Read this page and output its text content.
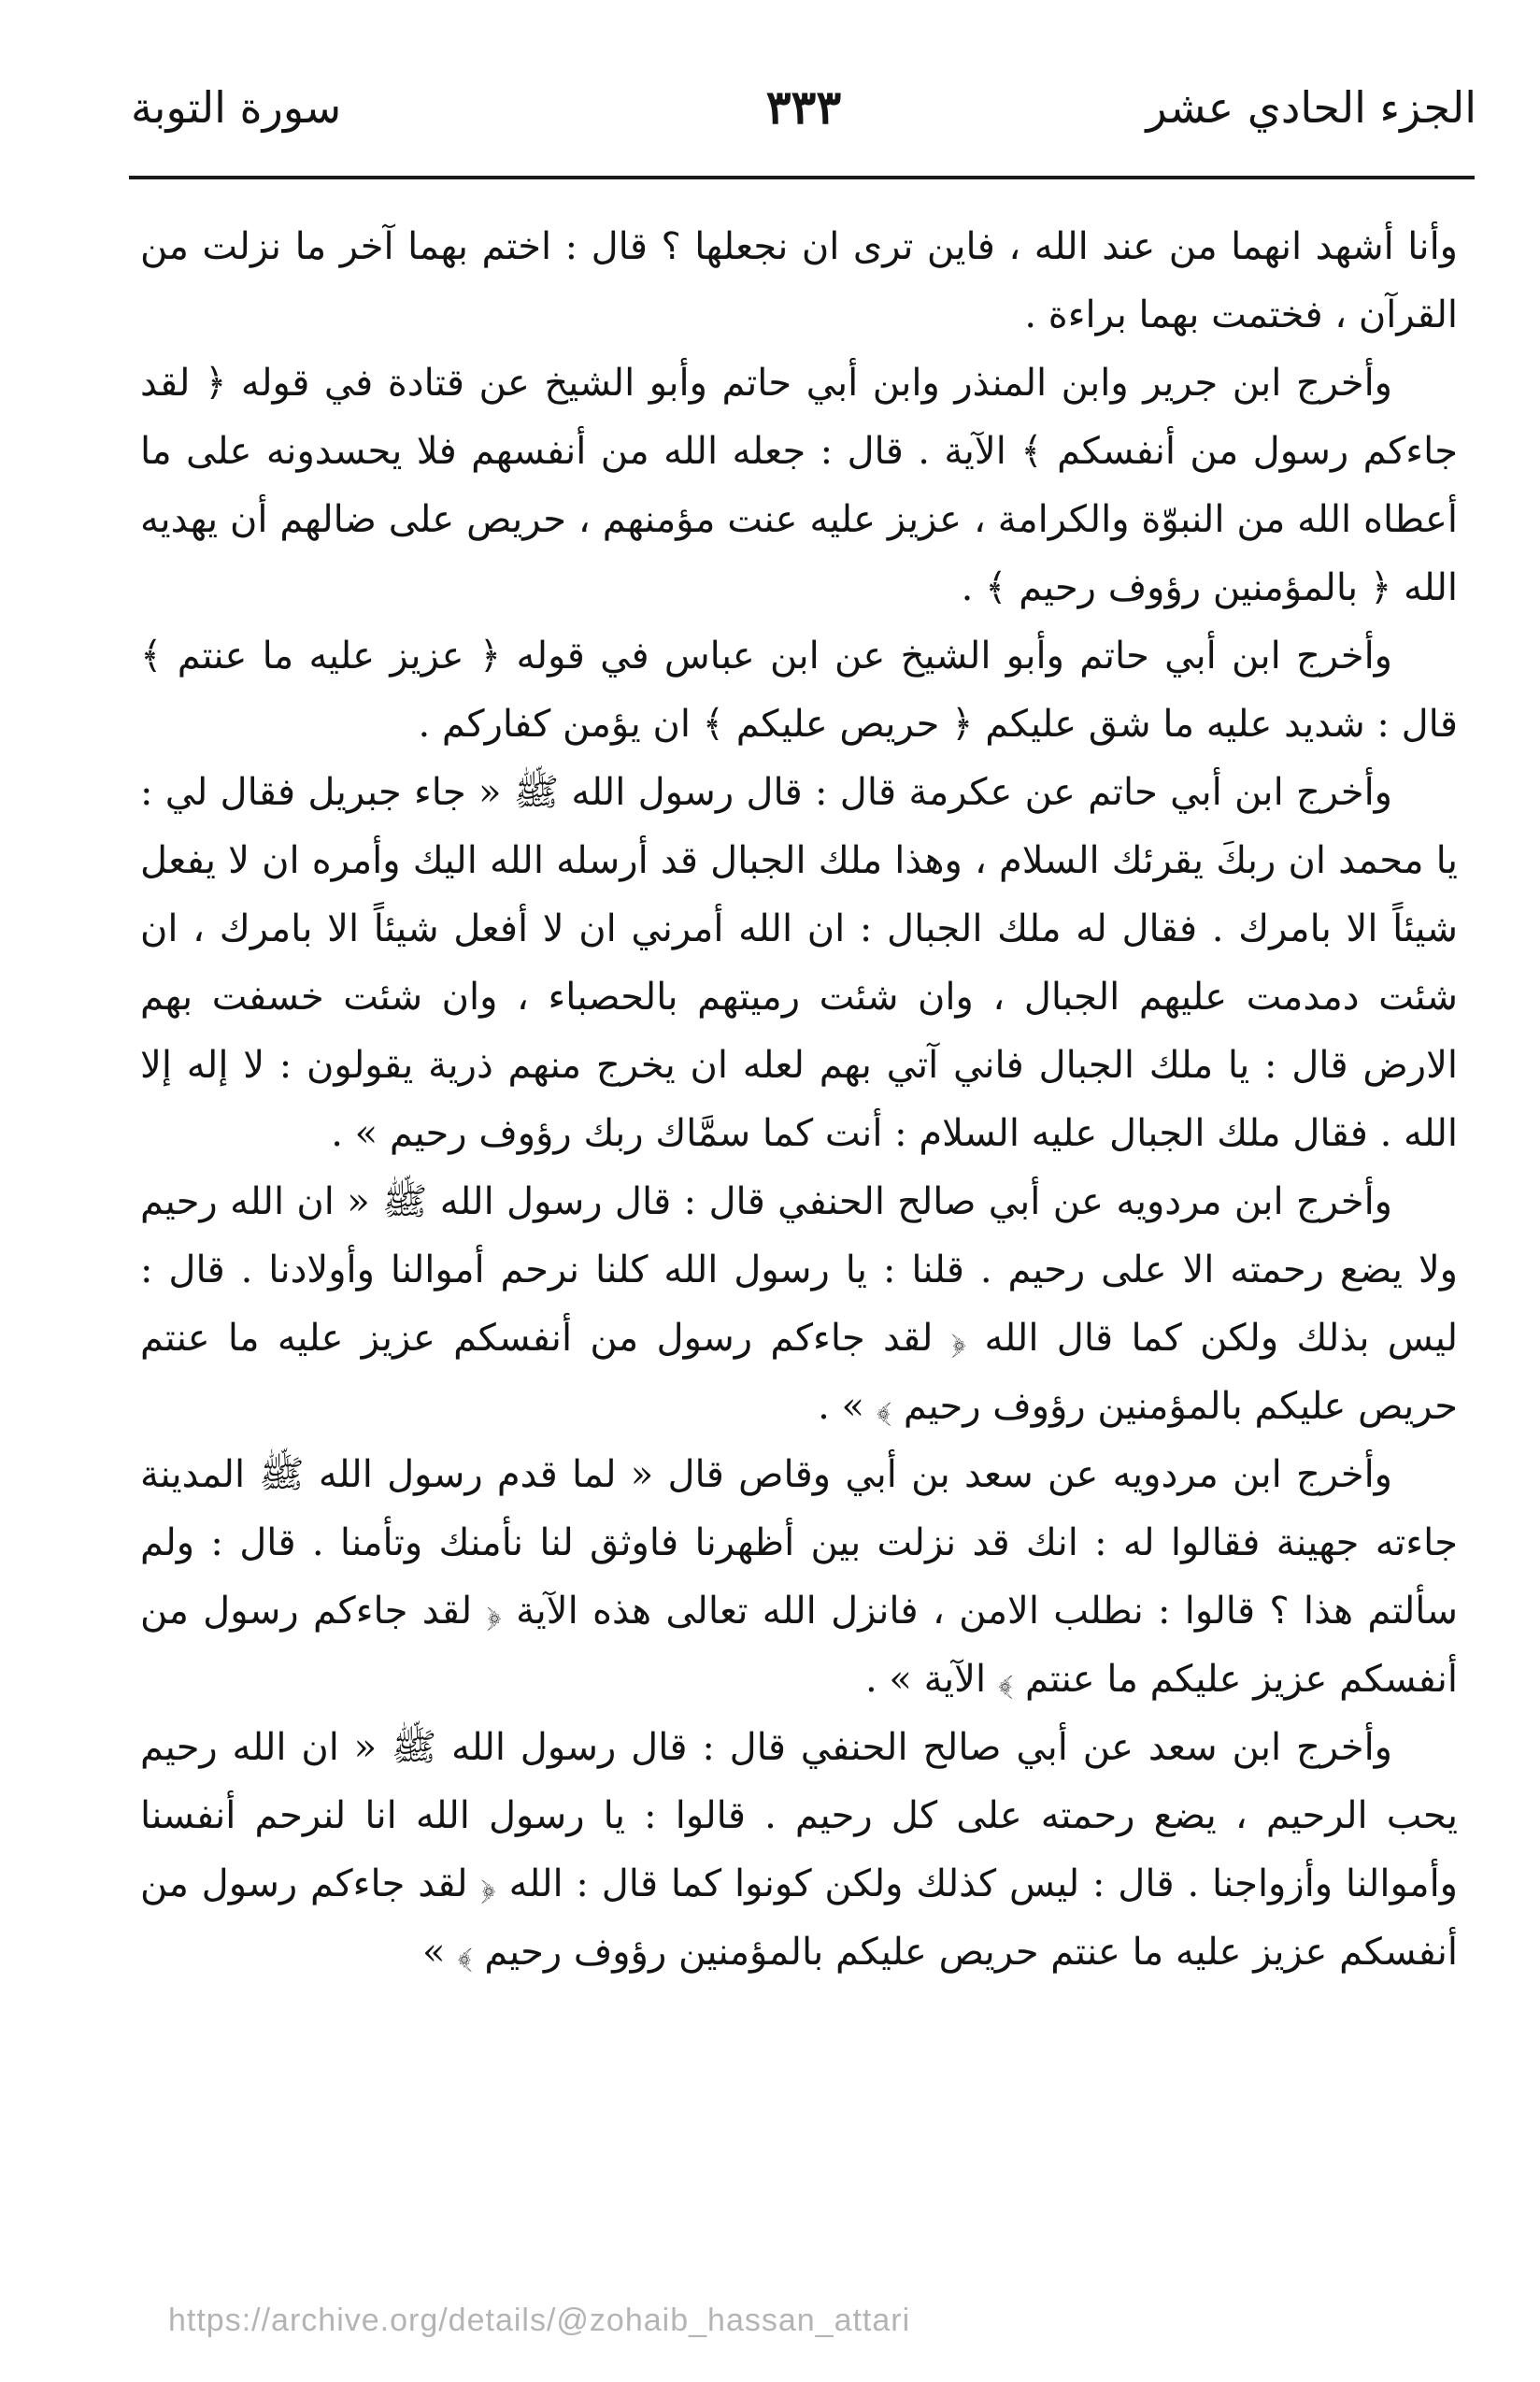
الجزء الحادي عشر
٣٣٣
سورة التوبة

وأنا أشهد انهما من عند الله ، فاين ترى ان نجعلها ؟ قال : اختم بهما آخر ما نزلت من القرآن ، فختمت بهما براءة .

وأخرج ابن جرير وابن المنذر وابن أبي حاتم وأبو الشيخ عن قتادة في قوله ﴿ لقد جاءكم رسول من أنفسكم ﴾ الآية . قال : جعله الله من أنفسهم فلا يحسدونه على ما أعطاه الله من النبوّة والكرامة ، عزيز عليه عنت مؤمنهم ، حريص على ضالهم أن يهديه الله ﴿ بالمؤمنين رؤوف رحيم ﴾ .

وأخرج ابن أبي حاتم وأبو الشيخ عن ابن عباس في قوله ﴿ عزيز عليه ما عنتم ﴾ قال : شديد عليه ما شق عليكم ﴿ حريص عليكم ﴾ ان يؤمن كفاركم .

وأخرج ابن أبي حاتم عن عكرمة قال : قال رسول الله ﷺ « جاء جبريل فقال لي : يا محمد ان ربكَ يقرئك السلام ، وهذا ملك الجبال قد أرسله الله اليك وأمره ان لا يفعل شيئاً الا بامرك . فقال له ملك الجبال : ان الله أمرني ان لا أفعل شيئاً الا بامرك ، ان شئت دمدمت عليهم الجبال ، وان شئت رميتهم بالحصباء ، وان شئت خسفت بهم الارض قال : يا ملك الجبال فاني آتي بهم لعله ان يخرج منهم ذرية يقولون : لا إله إلا الله . فقال ملك الجبال عليه السلام : أنت كما سمَّاك ربك رؤوف رحيم » .

وأخرج ابن مردويه عن أبي صالح الحنفي قال : قال رسول الله ﷺ « ان الله رحيم ولا يضع رحمته الا على رحيم . قلنا : يا رسول الله كلنا نرحم أموالنا وأولادنا . قال : ليس بذلك ولكن كما قال الله ﴿ لقد جاءكم رسول من أنفسكم عزيز عليه ما عنتم حريص عليكم بالمؤمنين رؤوف رحيم ﴾ » .

وأخرج ابن مردويه عن سعد بن أبي وقاص قال « لما قدم رسول الله ﷺ المدينة جاءته جهينة فقالوا له : انك قد نزلت بين أظهرنا فاوثق لنا نأمنك وتأمنا . قال : ولم سألتم هذا ؟ قالوا : نطلب الامن ، فانزل الله تعالى هذه الآية ﴿ لقد جاءكم رسول من أنفسكم عزيز عليكم ما عنتم ﴾ الآية » .

وأخرج ابن سعد عن أبي صالح الحنفي قال : قال رسول الله ﷺ « ان الله رحيم يحب الرحيم ، يضع رحمته على كل رحيم . قالوا : يا رسول الله انا لنرحم أنفسنا وأموالنا وأزواجنا . قال : ليس كذلك ولكن كونوا كما قال : الله ﴿ لقد جاءكم رسول من أنفسكم عزيز عليه ما عنتم حريص عليكم بالمؤمنين رؤوف رحيم ﴾ »

https://archive.org/details/@zohaib_hassan_attari
